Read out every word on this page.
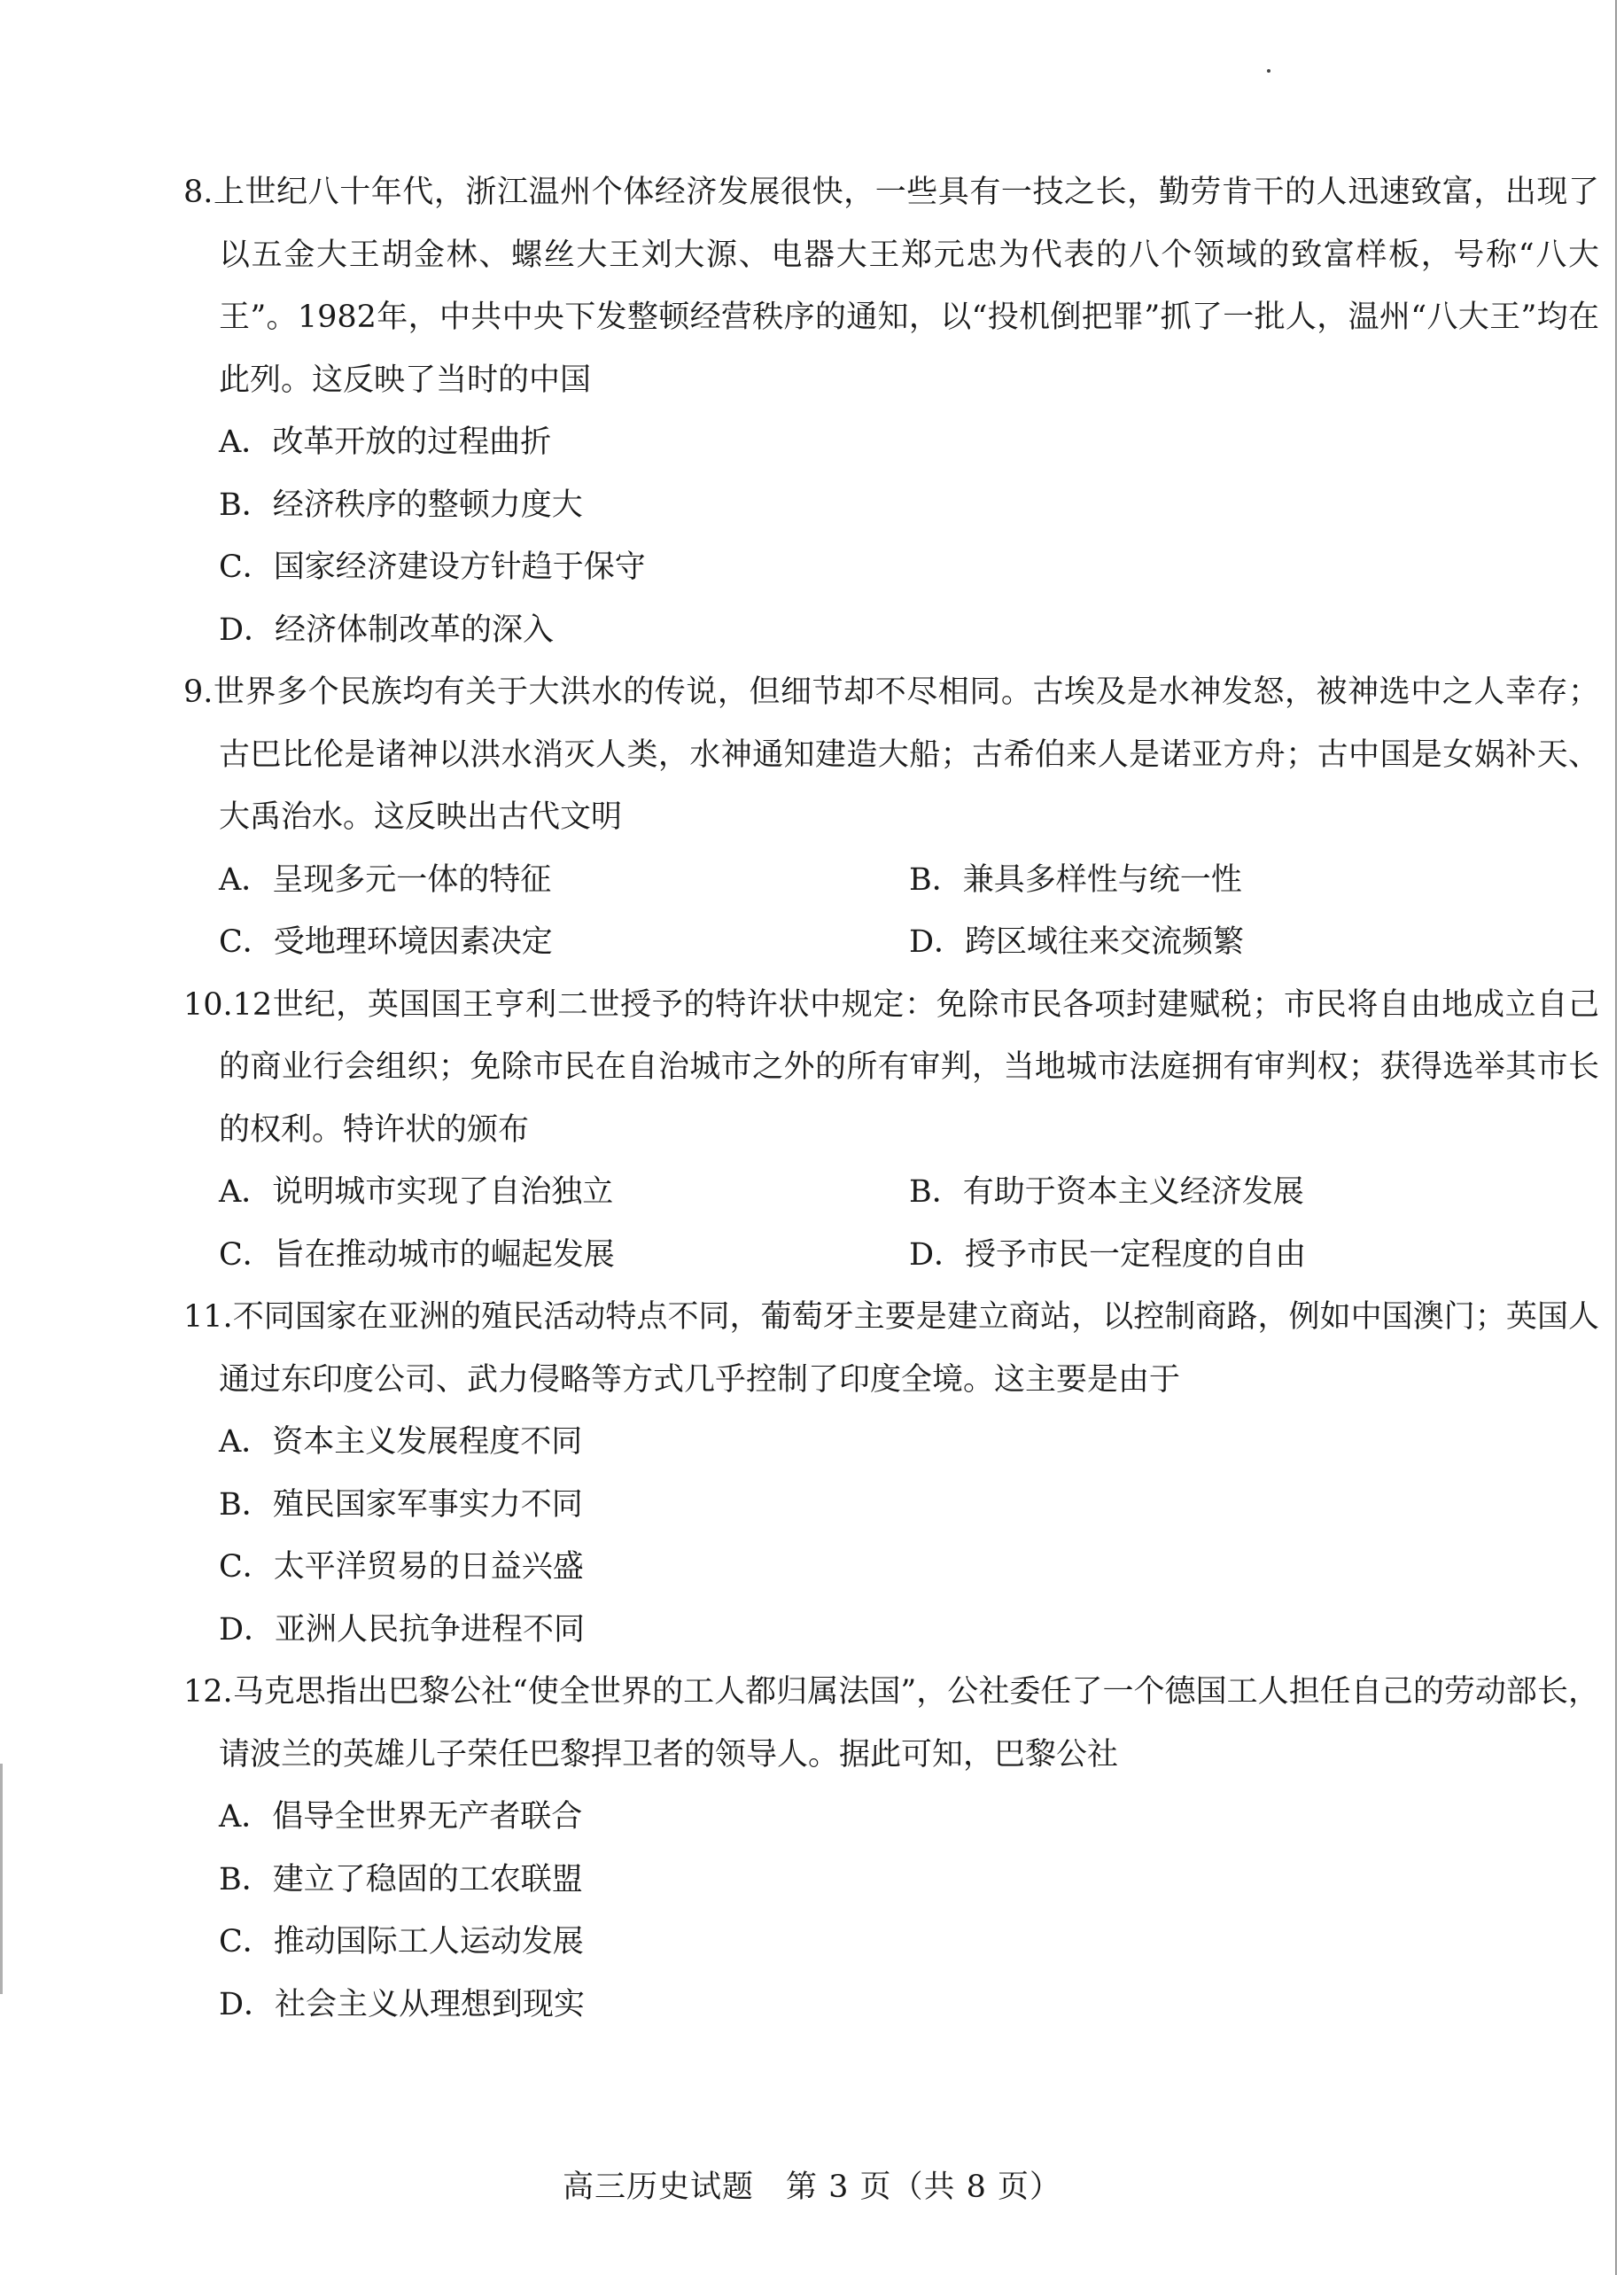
8.上世纪八十年代，浙江温州个体经济发展很快，一些具有一技之长，勤劳肯干的人迅速致富，出现了以五金大王胡金林、螺丝大王刘大源、电器大王郑元忠为代表的八个领域的致富样板，号称“八大王”。1982年，中共中央下发整顿经营秩序的通知，以“投机倒把罪”抓了一批人，温州“八大王”均在此列。这反映了当时的中国

A．改革开放的过程曲折
B．经济秩序的整顿力度大
C．国家经济建设方针趋于保守
D．经济体制改革的深入

9.世界多个民族均有关于大洪水的传说，但细节却不尽相同。古埃及是水神发怒，被神选中之人幸存；古巴比伦是诸神以洪水消灭人类，水神通知建造大船；古希伯来人是诺亚方舟；古中国是女娲补天、大禹治水。这反映出古代文明

A．呈现多元一体的特征	B．兼具多样性与统一性
C．受地理环境因素决定	D．跨区域往来交流频繁

10.12世纪，英国国王亨利二世授予的特许状中规定：免除市民各项封建赋税；市民将自由地成立自己的商业行会组织；免除市民在自治城市之外的所有审判，当地城市法庭拥有审判权；获得选举其市长的权利。特许状的颁布

A．说明城市实现了自治独立	B．有助于资本主义经济发展
C．旨在推动城市的崛起发展	D．授予市民一定程度的自由

11.不同国家在亚洲的殖民活动特点不同，葡萄牙主要是建立商站，以控制商路，例如中国澳门；英国人通过东印度公司、武力侵略等方式几乎控制了印度全境。这主要是由于

A．资本主义发展程度不同
B．殖民国家军事实力不同
C．太平洋贸易的日益兴盛
D．亚洲人民抗争进程不同

12.马克思指出巴黎公社“使全世界的工人都归属法国”，公社委任了一个德国工人担任自己的劳动部长，请波兰的英雄儿子荣任巴黎捍卫者的领导人。据此可知，巴黎公社

A．倡导全世界无产者联合
B．建立了稳固的工农联盟
C．推动国际工人运动发展
D．社会主义从理想到现实
高三历史试题　第 3 页（共 8 页）
